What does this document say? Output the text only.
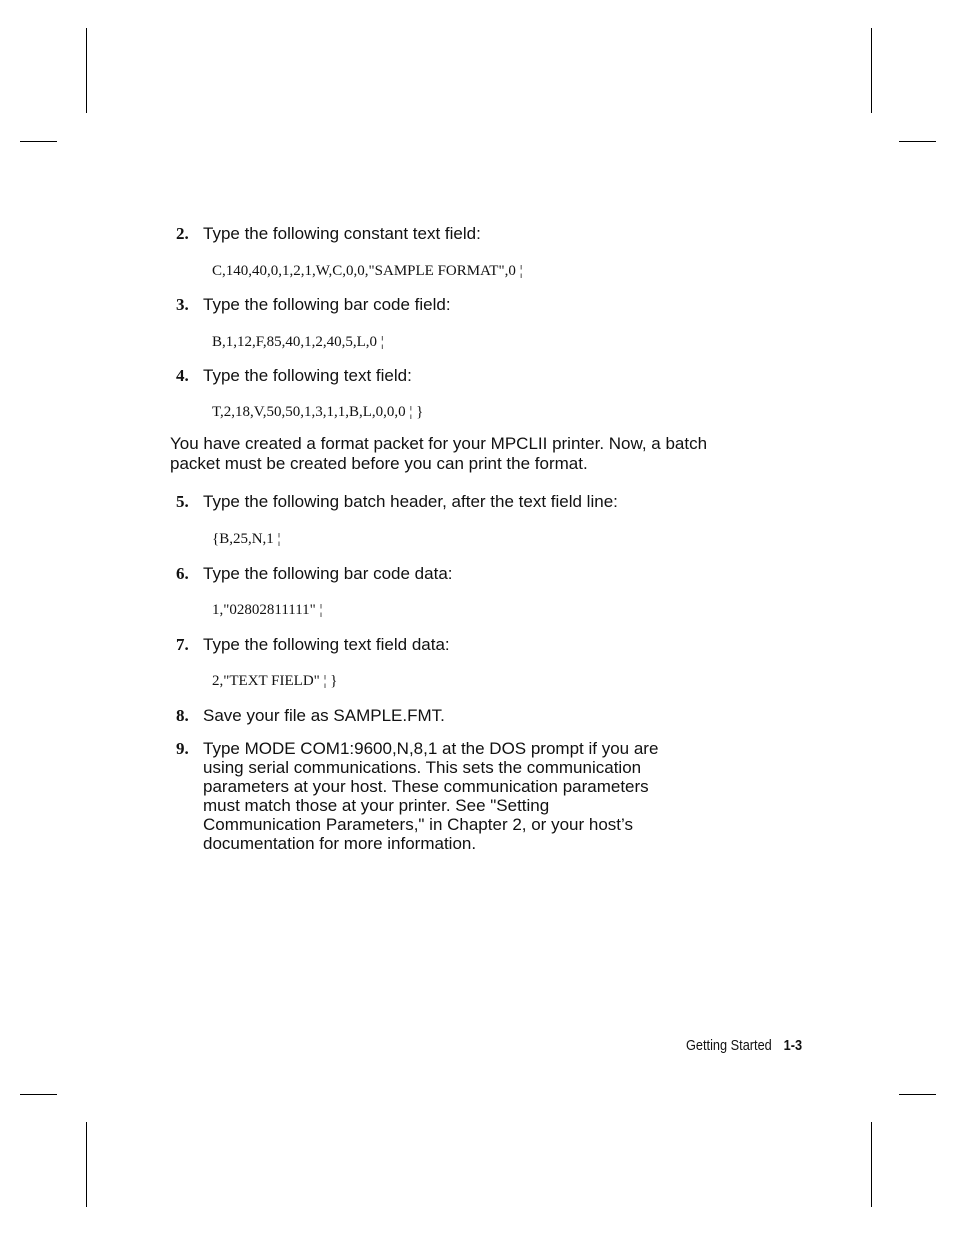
2. Type the following constant text field:
C,140,40,0,1,2,1,W,C,0,0,"SAMPLE FORMAT",0 ¦
3. Type the following bar code field:
B,1,12,F,85,40,1,2,40,5,L,0 ¦
4. Type the following text field:
T,2,18,V,50,50,1,3,1,1,B,L,0,0,0 ¦ }
You have created a format packet for your MPCLII printer. Now, a batch packet must be created before you can print the format.
5. Type the following batch header, after the text field line:
{B,25,N,1 ¦
6. Type the following bar code data:
1,"02802811111" ¦
7. Type the following text field data:
2,"TEXT FIELD" ¦ }
8. Save your file as SAMPLE.FMT.
9. Type MODE COM1:9600,N,8,1 at the DOS prompt if you are
using serial communications. This sets the communication
parameters at your host. These communication parameters
must match those at your printer. See "Setting
Communication Parameters," in Chapter 2, or your host’s
documentation for more information.
Getting Started 1-3
